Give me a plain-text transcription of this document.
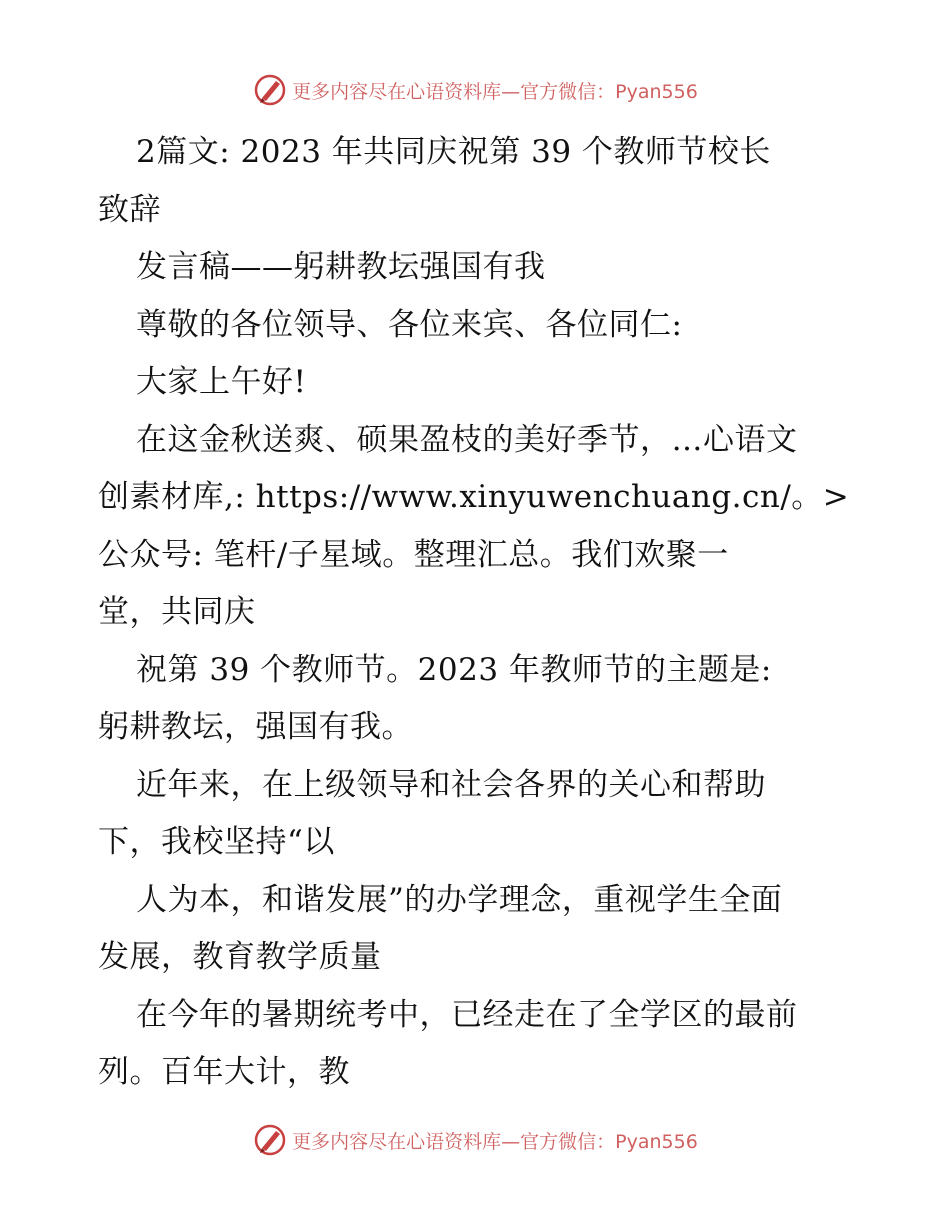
更多内容尽在心语资料库—官方微信：Pyan556
2篇文: 2023 年共同庆祝第 39 个教师节校长
致辞
发言稿——躬耕教坛强国有我
尊敬的各位领导、各位来宾、各位同仁:
大家上午好!
在这金秋送爽、硕果盈枝的美好季节，…心语文
创素材库,: https://www.xinyuwenchuang.cn/。>
公众号: 笔杆/子星域。整理汇总。我们欢聚一
堂，共同庆
祝第 39 个教师节。2023 年教师节的主题是:
躬耕教坛，强国有我。
近年来，在上级领导和社会各界的关心和帮助
下，我校坚持“以
人为本，和谐发展”的办学理念，重视学生全面
发展，教育教学质量
在今年的暑期统考中，已经走在了全学区的最前
列。百年大计，教
更多内容尽在心语资料库—官方微信：Pyan556
